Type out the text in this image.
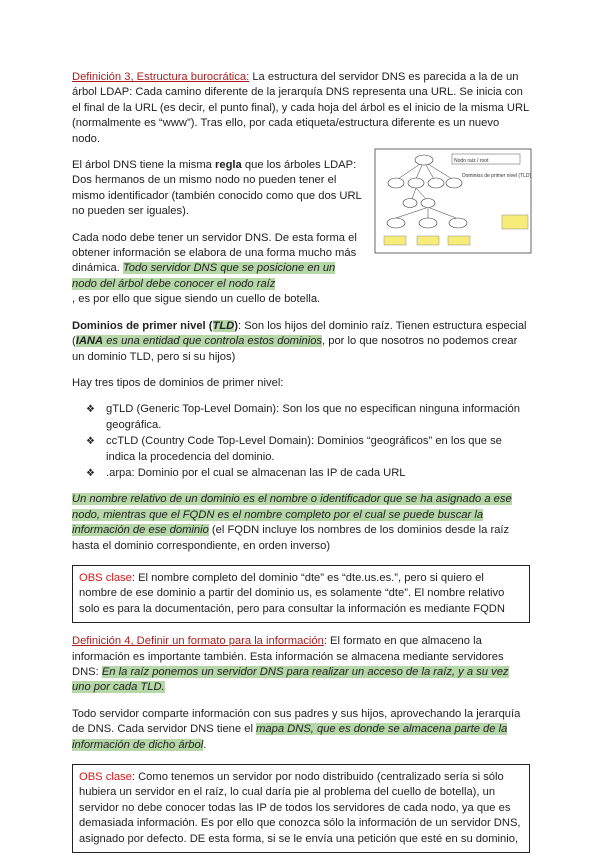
Definición 3, Estructura burocrática: La estructura del servidor DNS es parecida a la de un árbol LDAP: Cada camino diferente de la jerarquía DNS representa una URL. Se inicia con el final de la URL (es decir, el punto final), y cada hoja del árbol es el inicio de la misma URL (normalmente es “www”). Tras ello, por cada etiqueta/estructura diferente es un nuevo nodo.

El árbol DNS tiene la misma regla que los árboles LDAP: Dos hermanos de un mismo nodo no pueden tener el mismo identificador (también conocido como que dos URL no pueden ser iguales).

Cada nodo debe tener un servidor DNS. De esta forma el obtener información se elabora de una forma mucho más dinámica. Todo servidor DNS que se posicione en un nodo del árbol debe conocer el nodo raíz

Nodo raíz / root
Dominios de primer nivel (TLD)

, es por ello que sigue siendo un cuello de botella.

Dominios de primer nivel (TLD): Son los hijos del dominio raíz. Tienen estructura especial (IANA es una entidad que controla estos dominios, por lo que nosotros no podemos crear un dominio TLD, pero si su hijos)

Hay tres tipos de dominios de primer nivel:

❖ gTLD (Generic Top-Level Domain): Son los que no especifican ninguna información geográfica.
❖ ccTLD (Country Code Top-Level Domain): Dominios “geográficos” en los que se indica la procedencia del dominio.
❖ .arpa: Dominio por el cual se almacenan las IP de cada URL

Un nombre relativo de un dominio es el nombre o identificador que se ha asignado a ese nodo, mientras que el FQDN es el nombre completo por el cual se puede buscar la información de ese dominio (el FQDN incluye los nombres de los dominios desde la raíz hasta el dominio correspondiente, en orden inverso)

OBS clase: El nombre completo del dominio “dte” es “dte.us.es.”, pero si quiero el nombre de ese dominio a partir del dominio us, es solamente “dte”. El nombre relativo solo es para la documentación, pero para consultar la información es mediante FQDN

Definición 4, Definir un formato para la información: El formato en que almaceno la información es importante también. Esta información se almacena mediante servidores DNS: En la raíz ponemos un servidor DNS para realizar un acceso de la raíz, y a su vez uno por cada TLD.

Todo servidor comparte información con sus padres y sus hijos, aprovechando la jerarquía de DNS. Cada servidor DNS tiene el mapa DNS, que es donde se almacena parte de la información de dicho árbol.

OBS clase: Como tenemos un servidor por nodo distribuido (centralizado sería si sólo hubiera un servidor en el raíz, lo cual daría pie al problema del cuello de botella), un servidor no debe conocer todas las IP de todos los servidores de cada nodo, ya que es demasiada información. Es por ello que conozca sólo la información de un servidor DNS, asignado por defecto. DE esta forma, si se le envía una petición que esté en su dominio,
